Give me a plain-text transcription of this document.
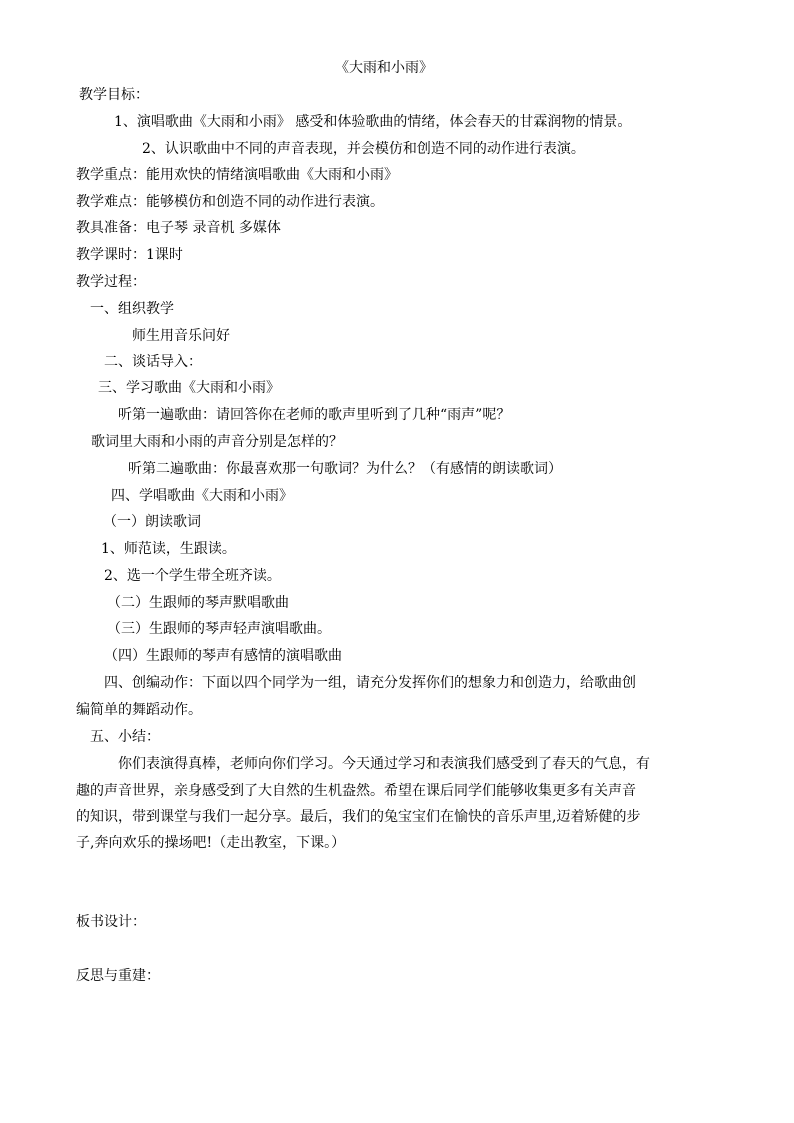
《大雨和小雨》
教学目标：
1、演唱歌曲《大雨和小雨》 感受和体验歌曲的情绪，体会春天的甘霖润物的情景。
2、认识歌曲中不同的声音表现，并会模仿和创造不同的动作进行表演。
教学重点：能用欢快的情绪演唱歌曲《大雨和小雨》
教学难点：能够模仿和创造不同的动作进行表演。
教具准备：电子琴 录音机 多媒体
教学课时：1课时
教学过程：
一、组织教学
师生用音乐问好
二、谈话导入：
三、学习歌曲《大雨和小雨》
听第一遍歌曲：请回答你在老师的歌声里听到了几种“雨声”呢？
歌词里大雨和小雨的声音分别是怎样的？
听第二遍歌曲：你最喜欢那一句歌词？为什么？（有感情的朗读歌词）
四、学唱歌曲《大雨和小雨》
（一）朗读歌词
1、师范读，生跟读。
2、选一个学生带全班齐读。
（二）生跟师的琴声默唱歌曲
（三）生跟师的琴声轻声演唱歌曲。
（四）生跟师的琴声有感情的演唱歌曲
四、创编动作：下面以四个同学为一组，请充分发挥你们的想象力和创造力，给歌曲创
编简单的舞蹈动作。
五、小结：
你们表演得真棒，老师向你们学习。今天通过学习和表演我们感受到了春天的气息，有
趣的声音世界，亲身感受到了大自然的生机盎然。希望在课后同学们能够收集更多有关声音
的知识，带到课堂与我们一起分享。最后，我们的兔宝宝们在愉快的音乐声里,迈着矫健的步
子,奔向欢乐的操场吧!（走出教室，下课。）
板书设计：
反思与重建：
